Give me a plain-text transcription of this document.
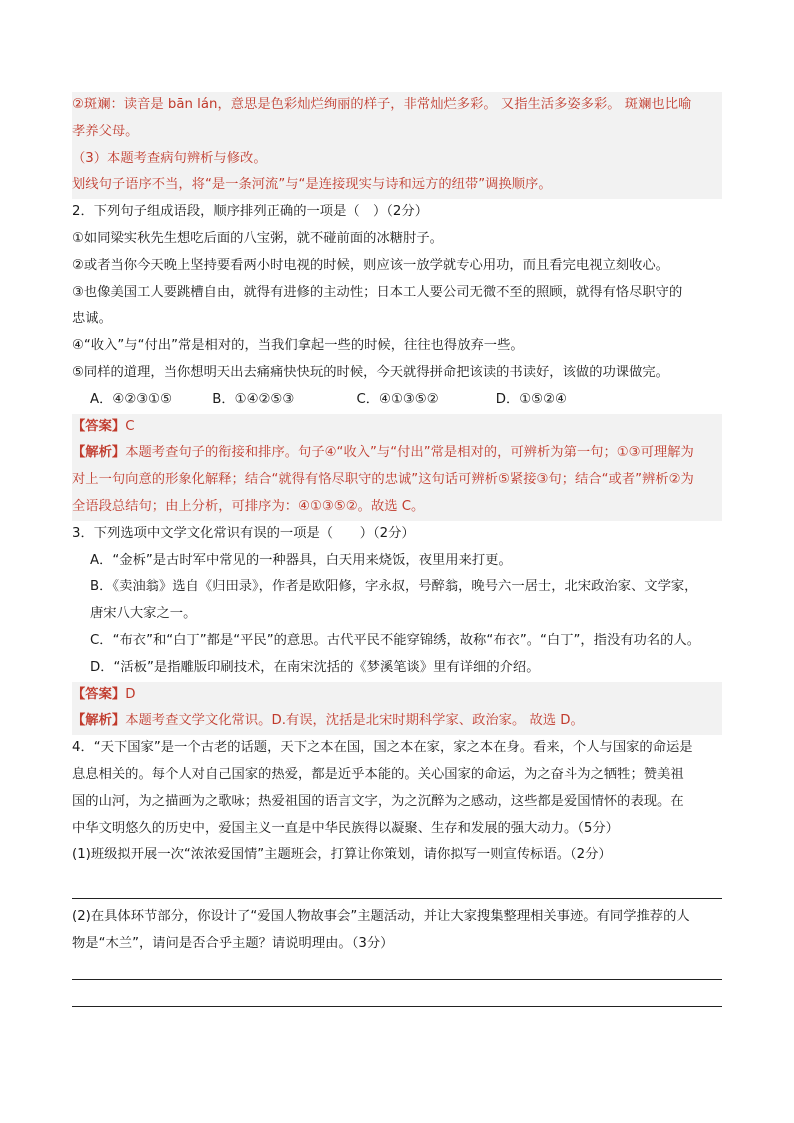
②斑斓：读音是 bān lán，意思是色彩灿烂绚丽的样子，非常灿烂多彩。 又指生活多姿多彩。 斑斓也比喻
孝养父母。
（3）本题考查病句辨析与修改。
划线句子语序不当，将“是一条河流”与“是连接现实与诗和远方的纽带”调换顺序。
2．下列句子组成语段，顺序排列正确的一项是（　）（2分）
①如同梁实秋先生想吃后面的八宝粥，就不碰前面的冰糖肘子。
②或者当你今天晚上坚持要看两小时电视的时候，则应该一放学就专心用功，而且看完电视立刻收心。
③也像美国工人要跳槽自由，就得有进修的主动性；日本工人要公司无微不至的照顾，就得有恪尽职守的
忠诚。
④“收入”与“付出”常是相对的，当我们拿起一些的时候，往往也得放弃一些。
⑤同样的道理，当你想明天出去痛痛快快玩的时候，今天就得拼命把该读的书读好，该做的功课做完。
A．④②③①⑤	B．①④②⑤③	C．④①③⑤②	D．①⑤②④
【答案】C
【解析】本题考查句子的衔接和排序。句子④“收入”与“付出”常是相对的，可辨析为第一句；①③可理解为
对上一句向意的形象化解释；结合“就得有恪尽职守的忠诚”这句话可辨析⑤紧接③句；结合“或者”辨析②为
全语段总结句；由上分析，可排序为：④①③⑤②。故选 C。
3．下列选项中文学文化常识有误的一项是（　　）（2分）
A．“金柝”是古时军中常见的一种器具，白天用来烧饭，夜里用来打更。
B．《卖油翁》选自《归田录》，作者是欧阳修，字永叔，号醉翁，晚号六一居士，北宋政治家、文学家，
唐宋八大家之一。
C．“布衣”和“白丁”都是“平民”的意思。古代平民不能穿锦绣，故称“布衣”。“白丁”，指没有功名的人。
D．“活板”是指雕版印刷技术，在南宋沈括的《梦溪笔谈》里有详细的介绍。
【答案】D
【解析】本题考查文学文化常识。D.有误，沈括是北宋时期科学家、政治家。 故选 D。
4．“天下国家”是一个古老的话题，天下之本在国，国之本在家，家之本在身。看来，个人与国家的命运是
息息相关的。每个人对自己国家的热爱，都是近乎本能的。关心国家的命运，为之奋斗为之牺牲；赞美祖
国的山河，为之描画为之歌咏；热爱祖国的语言文字，为之沉醉为之感动，这些都是爱国情怀的表现。在
中华文明悠久的历史中，爱国主义一直是中华民族得以凝聚、生存和发展的强大动力。（5分）
(1)班级拟开展一次“浓浓爱国情”主题班会，打算让你策划，请你拟写一则宣传标语。（2分）
(2)在具体环节部分，你设计了“爱国人物故事会”主题活动，并让大家搜集整理相关事迹。有同学推荐的人
物是“木兰”，请问是否合乎主题？请说明理由。（3分）
